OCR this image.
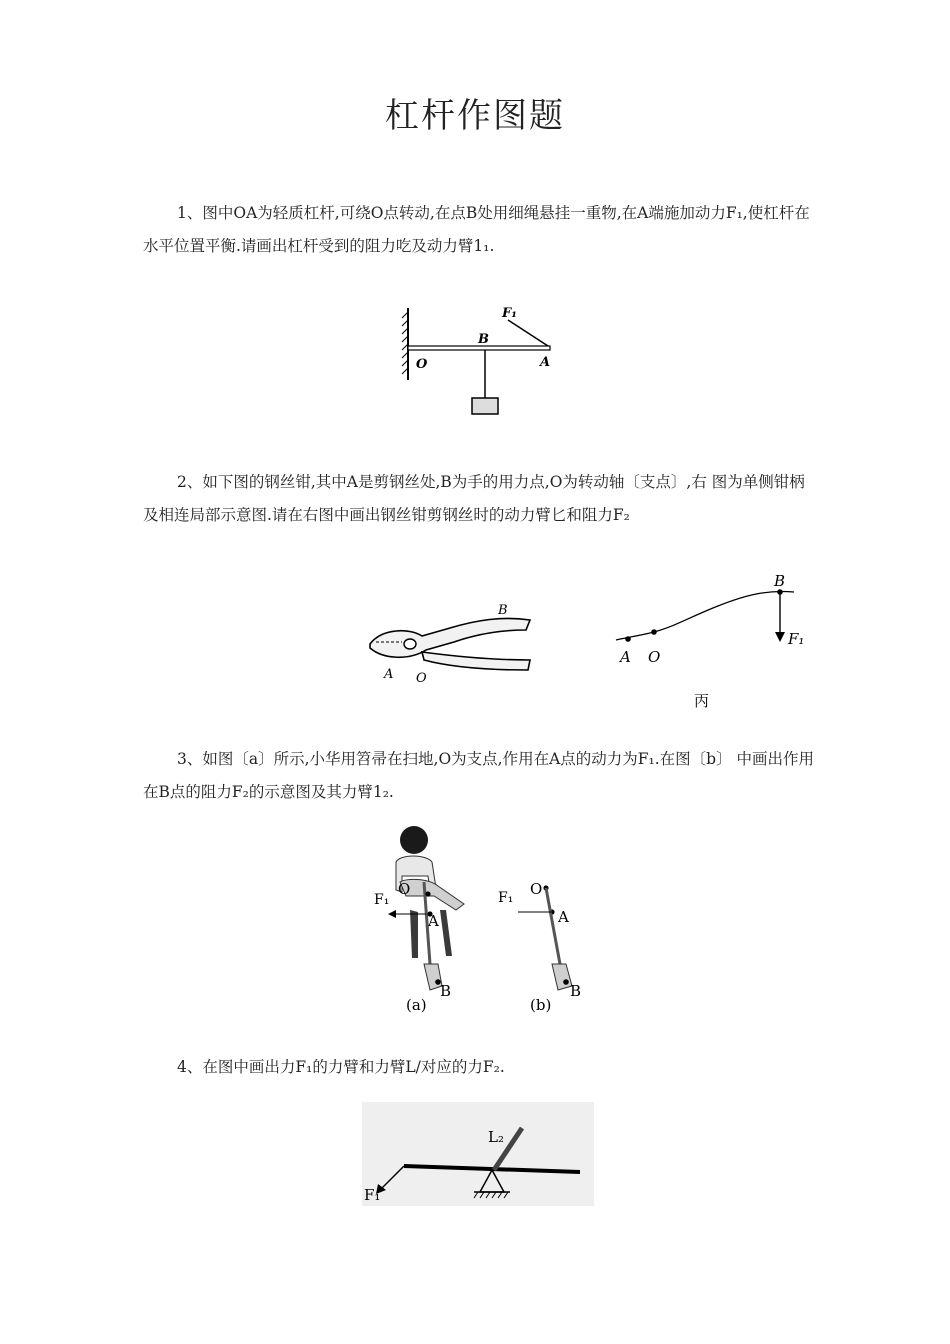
杠杆作图题
1、图中OA为轻质杠杆,可绕O点转动,在点B处用细绳悬挂一重物,在A端施加动力F₁,使杠杆在水平位置平衡.请画出杠杆受到的阻力吃及动力臂1₁.
F₁
B
O	A
2、如下图的钢丝钳,其中A是剪钢丝处,B为手的用力点,O为转动轴〔支点〕,右 图为单侧钳柄及相连局部示意图.请在右图中画出钢丝钳剪钢丝时的动力臂匕和阻力F₂
B
A O
B
F₁
A O
丙
3、如图〔a〕所示,小华用笤帚在扫地,O为支点,作用在A点的动力为F₁.在图〔b〕 中画出作用在B点的阻力F₂的示意图及其力臂1₂.
O
F₁
A
B
(a)
O
F₁
A
B
(b)
4、在图中画出力F₁的力臂和力臂L/对应的力F₂.
L₂
F₁
